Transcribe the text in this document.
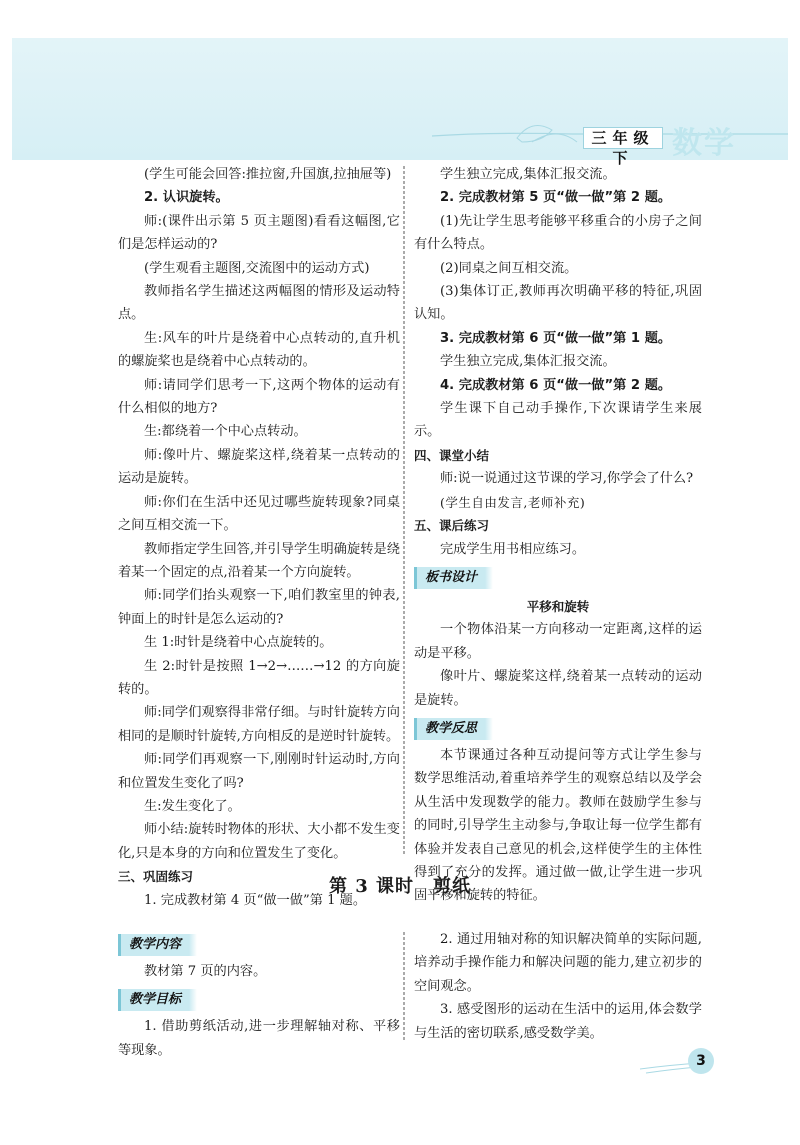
三年级下	数学

(学生可能会回答:推拉窗,升国旗,拉抽屉等)

2. 认识旋转。

师:(课件出示第 5 页主题图)看看这幅图,它们是怎样运动的?

(学生观看主题图,交流图中的运动方式)

教师指名学生描述这两幅图的情形及运动特点。

生:风车的叶片是绕着中心点转动的,直升机的螺旋桨也是绕着中心点转动的。

师:请同学们思考一下,这两个物体的运动有什么相似的地方?

生:都绕着一个中心点转动。

师:像叶片、螺旋桨这样,绕着某一点转动的运动是旋转。

师:你们在生活中还见过哪些旋转现象?同桌之间互相交流一下。

教师指定学生回答,并引导学生明确旋转是绕着某一个固定的点,沿着某一个方向旋转。

师:同学们抬头观察一下,咱们教室里的钟表,钟面上的时针是怎么运动的?

生 1:时针是绕着中心点旋转的。

生 2:时针是按照 1→2→……→12 的方向旋转的。

师:同学们观察得非常仔细。与时针旋转方向相同的是顺时针旋转,方向相反的是逆时针旋转。

师:同学们再观察一下,刚刚时针运动时,方向和位置发生变化了吗?

生:发生变化了。

师小结:旋转时物体的形状、大小都不发生变化,只是本身的方向和位置发生了变化。

三、巩固练习

1. 完成教材第 4 页“做一做”第 1 题。

学生独立完成,集体汇报交流。

2. 完成教材第 5 页“做一做”第 2 题。

(1)先让学生思考能够平移重合的小房子之间有什么特点。

(2)同桌之间互相交流。

(3)集体订正,教师再次明确平移的特征,巩固认知。

3. 完成教材第 6 页“做一做”第 1 题。

学生独立完成,集体汇报交流。

4. 完成教材第 6 页“做一做”第 2 题。

学生课下自己动手操作,下次课请学生来展示。

四、课堂小结

师:说一说通过这节课的学习,你学会了什么?

(学生自由发言,老师补充)

五、课后练习

完成学生用书相应练习。

板书设计

平移和旋转

一个物体沿某一方向移动一定距离,这样的运动是平移。

像叶片、螺旋桨这样,绕着某一点转动的运动是旋转。

教学反思

本节课通过各种互动提问等方式让学生参与数学思维活动,着重培养学生的观察总结以及学会从生活中发现数学的能力。教师在鼓励学生参与的同时,引导学生主动参与,争取让每一位学生都有体验并发表自己意见的机会,这样使学生的主体性得到了充分的发挥。通过做一做,让学生进一步巩固平移和旋转的特征。

第 3 课时　剪纸
教学内容

教材第 7 页的内容。

教学目标

1. 借助剪纸活动,进一步理解轴对称、平移等现象。

2. 通过用轴对称的知识解决简单的实际问题,培养动手操作能力和解决问题的能力,建立初步的空间观念。

3. 感受图形的运动在生活中的运用,体会数学与生活的密切联系,感受数学美。

3
